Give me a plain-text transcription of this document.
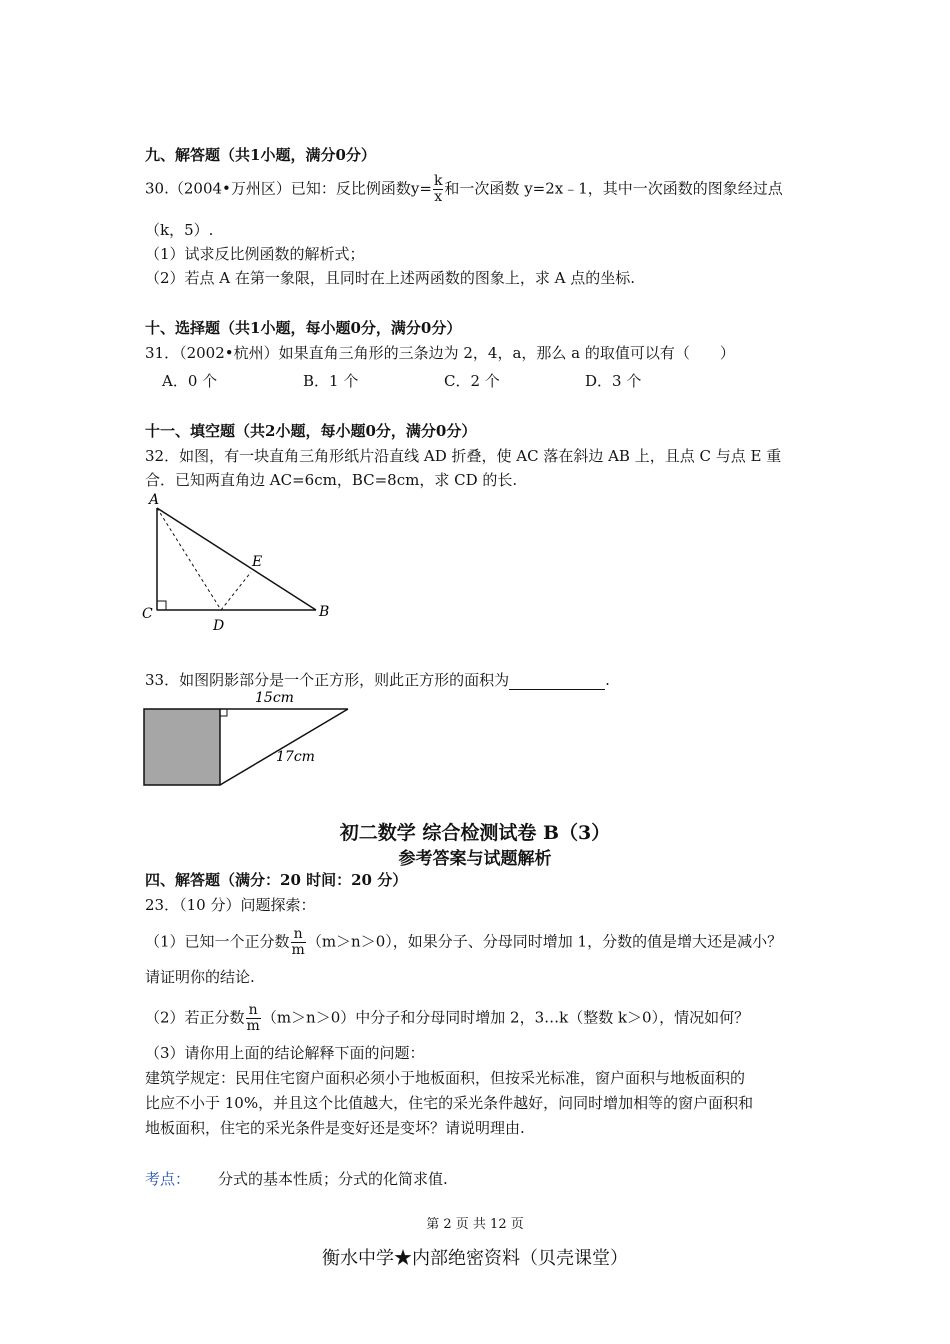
九、解答题（共1小题，满分0分）
30.（2004•万州区）已知：反比例函数$y= \frac{k}{x}$ 和一次函数 y=2x﹣1，其中一次函数的图象经过点
（k，5）.
（1）试求反比例函数的解析式；
（2）若点 A 在第一象限，且同时在上述两函数的图象上，求 A 点的坐标.
十、选择题（共1小题，每小题0分，满分0分）
31．（2002•杭州）如果直角三角形的三条边为 2，4，a，那么 a 的取值可以有（　　）
A．0 个	B．1 个	C．2 个	D．3 个
十一、填空题（共2小题，每小题0分，满分0分）
32．如图，有一块直角三角形纸片沿直线 AD 折叠，使 AC 落在斜边 AB 上，且点 C 与点 E 重
合．已知两直角边 AC=6cm，BC=8cm，求 CD 的长.
A
C
D
B
E
33．如图阴影部分是一个正方形，则此正方形的面积为	.
15cm
17cm
初二数学 综合检测试卷 B（3）
参考答案与试题解析
四、解答题（满分：20 时间：20 分）
23．（10 分）问题探索：
（1）已知一个正分数 $\frac{n}{m} (m>n>0)$，如果分子、分母同时增加 1，分数的值是增大还是减小？
请证明你的结论.
（2）若正分数 $\frac{n}{m} (m>n>0)$中分子和分母同时增加 2，3…k（整数 k＞0），情况如何？
（3）请你用上面的结论解释下面的问题：
建筑学规定：民用住宅窗户面积必须小于地板面积，但按采光标准，窗户面积与地板面积的
比应不小于 10%，并且这个比值越大，住宅的采光条件越好，问同时增加相等的窗户面积和
地板面积，住宅的采光条件是变好还是变坏？请说明理由.
考点： 分式的基本性质；分式的化简求值.
第 2 页 共 12 页
衡水中学★内部绝密资料（贝壳课堂）
